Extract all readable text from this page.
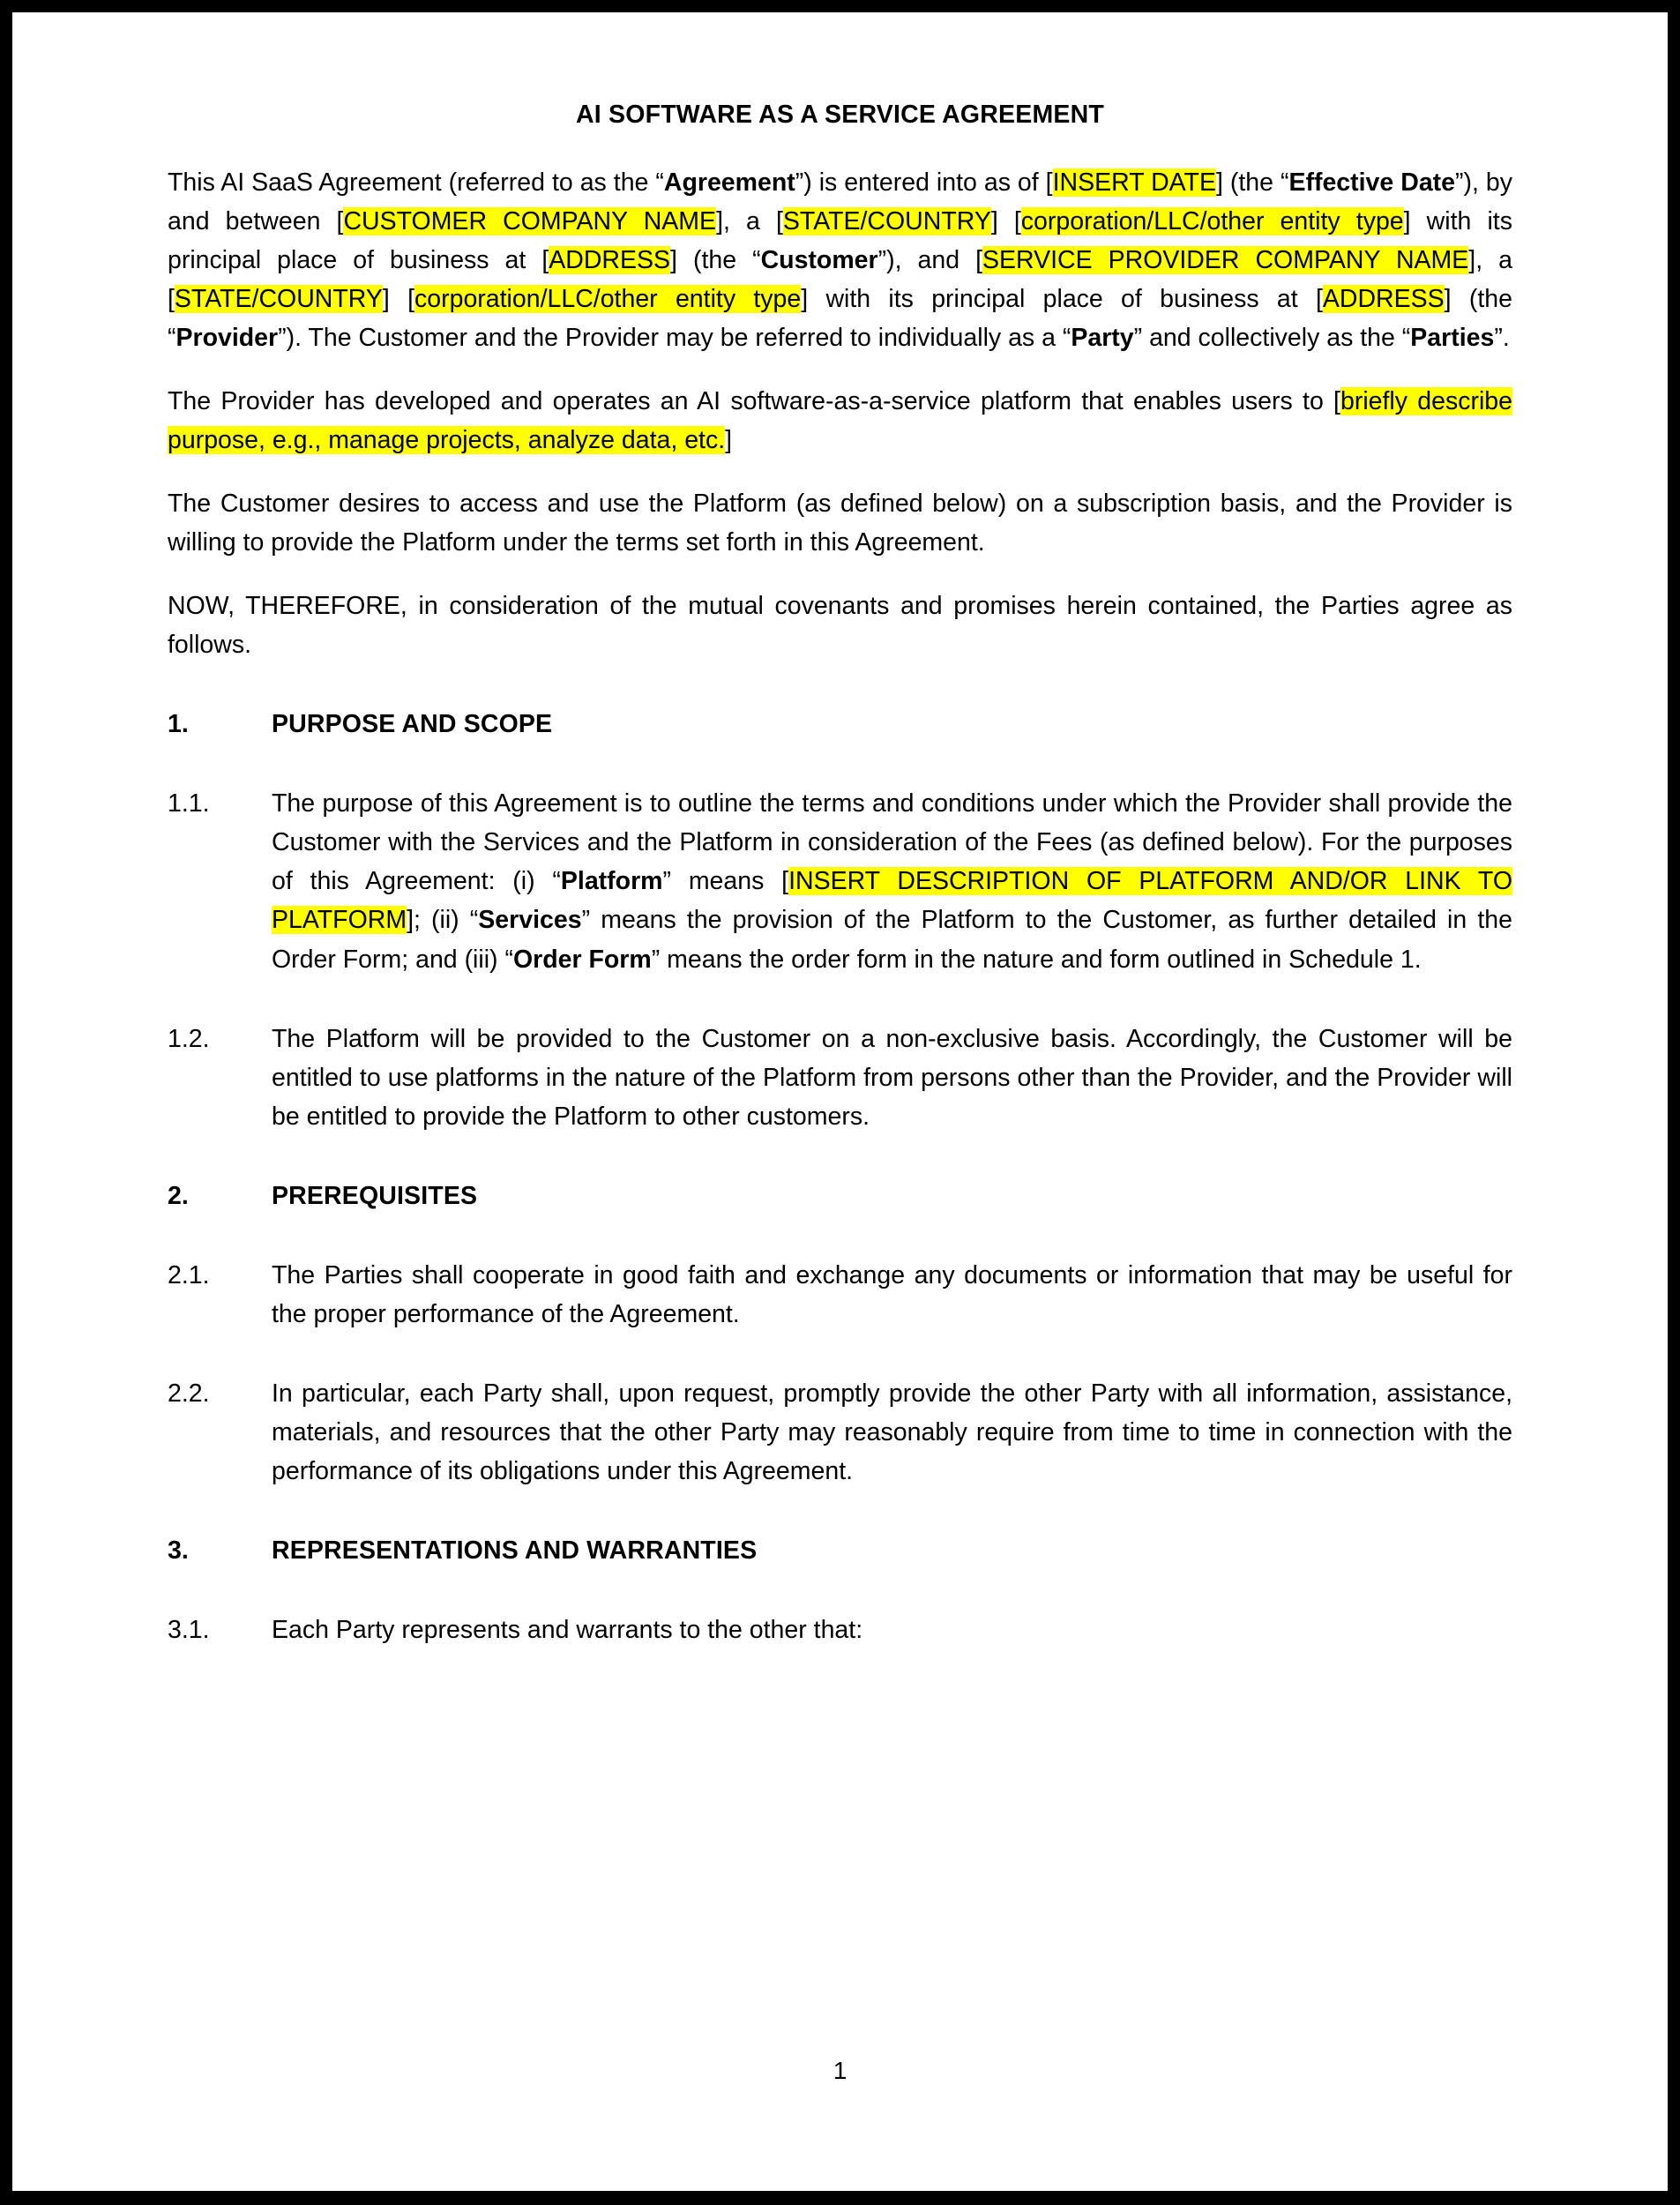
AI SOFTWARE AS A SERVICE AGREEMENT

This AI SaaS Agreement (referred to as the “Agreement”) is entered into as of [INSERT DATE] (the “Effective Date”), by and between [CUSTOMER COMPANY NAME], a [STATE/COUNTRY] [corporation/LLC/other entity type] with its principal place of business at [ADDRESS] (the “Customer”), and [SERVICE PROVIDER COMPANY NAME], a [STATE/COUNTRY] [corporation/LLC/other entity type] with its principal place of business at [ADDRESS] (the “Provider”). The Customer and the Provider may be referred to individually as a “Party” and collectively as the “Parties”.

The Provider has developed and operates an AI software-as-a-service platform that enables users to [briefly describe purpose, e.g., manage projects, analyze data, etc.]

The Customer desires to access and use the Platform (as defined below) on a subscription basis, and the Provider is willing to provide the Platform under the terms set forth in this Agreement.

NOW, THEREFORE, in consideration of the mutual covenants and promises herein contained, the Parties agree as follows.

1.	PURPOSE AND SCOPE
1.1.	The purpose of this Agreement is to outline the terms and conditions under which the Provider shall provide the Customer with the Services and the Platform in consideration of the Fees (as defined below). For the purposes of this Agreement: (i) “Platform” means [INSERT DESCRIPTION OF PLATFORM AND/OR LINK TO PLATFORM]; (ii) “Services” means the provision of the Platform to the Customer, as further detailed in the Order Form; and (iii) “Order Form” means the order form in the nature and form outlined in Schedule 1.
1.2.	The Platform will be provided to the Customer on a non-exclusive basis. Accordingly, the Customer will be entitled to use platforms in the nature of the Platform from persons other than the Provider, and the Provider will be entitled to provide the Platform to other customers.
2.	PREREQUISITES
2.1.	The Parties shall cooperate in good faith and exchange any documents or information that may be useful for the proper performance of the Agreement.
2.2.	In particular, each Party shall, upon request, promptly provide the other Party with all information, assistance, materials, and resources that the other Party may reasonably require from time to time in connection with the performance of its obligations under this Agreement.
3.	REPRESENTATIONS AND WARRANTIES
3.1.	Each Party represents and warrants to the other that:
1
